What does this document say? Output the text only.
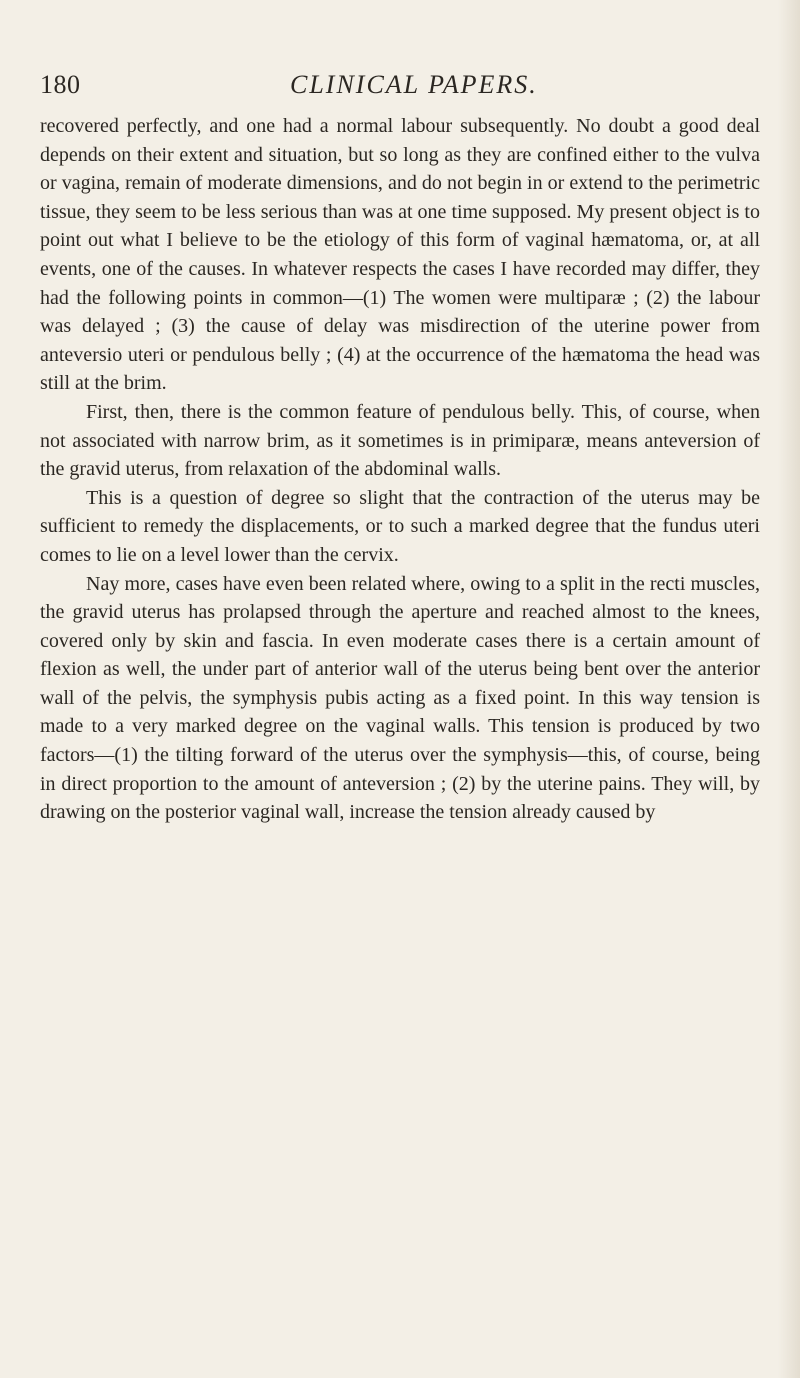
180	CLINICAL PAPERS.

recovered perfectly, and one had a normal labour subsequently. No doubt a good deal depends on their extent and situation, but so long as they are confined either to the vulva or vagina, remain of moderate dimensions, and do not begin in or extend to the perimetric tissue, they seem to be less serious than was at one time supposed. My present object is to point out what I believe to be the etiology of this form of vaginal hæmatoma, or, at all events, one of the causes. In whatever respects the cases I have recorded may differ, they had the following points in common—(1) The women were multiparæ ; (2) the labour was delayed ; (3) the cause of delay was misdirection of the uterine power from anteversio uteri or pendulous belly ; (4) at the occurrence of the hæmatoma the head was still at the brim.

First, then, there is the common feature of pendulous belly. This, of course, when not associated with narrow brim, as it sometimes is in primiparæ, means anteversion of the gravid uterus, from relaxation of the abdominal walls.

This is a question of degree so slight that the contraction of the uterus may be sufficient to remedy the displacements, or to such a marked degree that the fundus uteri comes to lie on a level lower than the cervix.

Nay more, cases have even been related where, owing to a split in the recti muscles, the gravid uterus has prolapsed through the aperture and reached almost to the knees, covered only by skin and fascia. In even moderate cases there is a certain amount of flexion as well, the under part of anterior wall of the uterus being bent over the anterior wall of the pelvis, the symphysis pubis acting as a fixed point. In this way tension is made to a very marked degree on the vaginal walls. This tension is produced by two factors—(1) the tilting forward of the uterus over the symphysis—this, of course, being in direct proportion to the amount of anteversion ; (2) by the uterine pains. They will, by drawing on the posterior vaginal wall, increase the tension already caused by
